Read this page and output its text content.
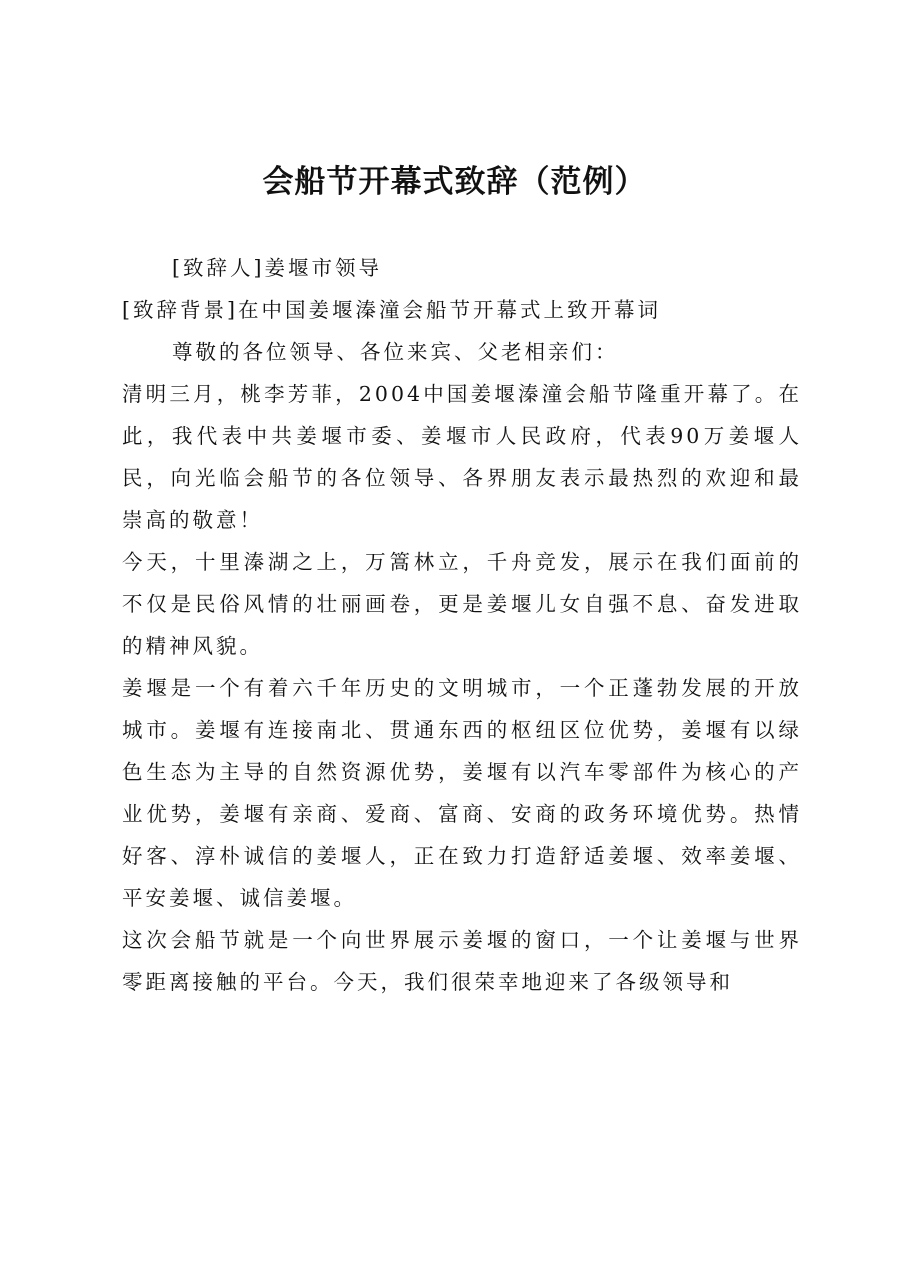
会船节开幕式致辞（范例）

[致辞人]姜堰市领导

[致辞背景]在中国姜堰溱潼会船节开幕式上致开幕词

尊敬的各位领导、各位来宾、父老相亲们：

清明三月，桃李芳菲，2004中国姜堰溱潼会船节隆重开幕了。在此，我代表中共姜堰市委、姜堰市人民政府，代表90万姜堰人民，向光临会船节的各位领导、各界朋友表示最热烈的欢迎和最崇高的敬意！

今天，十里溱湖之上，万篙林立，千舟竞发，展示在我们面前的不仅是民俗风情的壮丽画卷，更是姜堰儿女自强不息、奋发进取的精神风貌。

姜堰是一个有着六千年历史的文明城市，一个正蓬勃发展的开放城市。姜堰有连接南北、贯通东西的枢纽区位优势，姜堰有以绿色生态为主导的自然资源优势，姜堰有以汽车零部件为核心的产业优势，姜堰有亲商、爱商、富商、安商的政务环境优势。热情好客、淳朴诚信的姜堰人，正在致力打造舒适姜堰、效率姜堰、平安姜堰、诚信姜堰。

这次会船节就是一个向世界展示姜堰的窗口，一个让姜堰与世界零距离接触的平台。今天，我们很荣幸地迎来了各级领导和
